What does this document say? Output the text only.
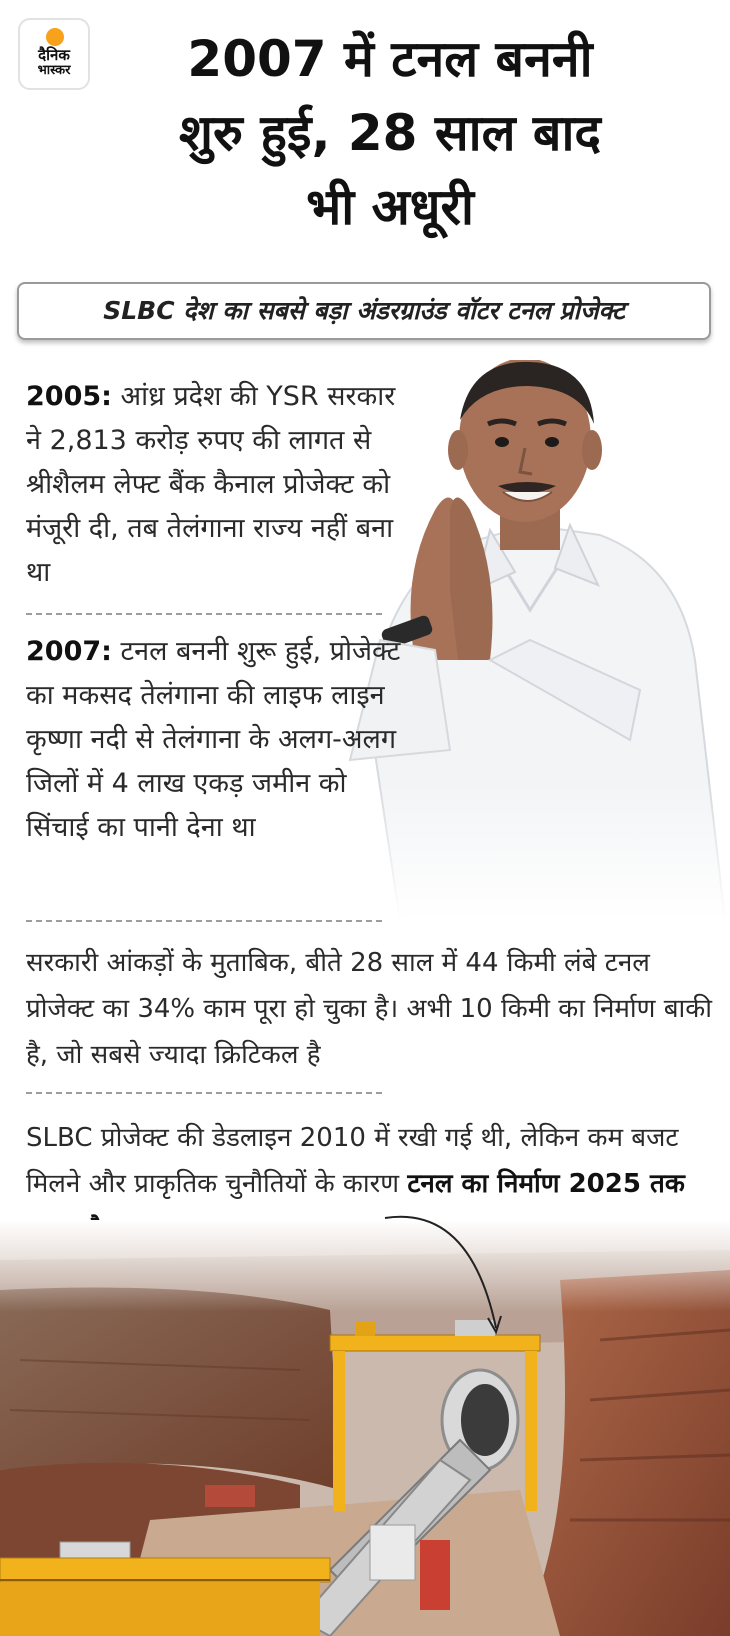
दैनिक
भास्कर	2007 में टनल बननी
शुरु हुई, 28 साल बाद
भी अधूरी
SLBC देश का सबसे बड़ा अंडरग्राउंड वॉटर टनल प्रोजेक्ट

2005: आंध्र प्रदेश की YSR सरकार ने 2,813 करोड़ रुपए की लागत से श्रीशैलम लेफ्ट बैंक कैनाल प्रोजेक्ट को मंजूरी दी, तब तेलंगाना राज्य नहीं बना था

2007: टनल बननी शुरू हुई, प्रोजेक्ट का मकसद तेलंगाना की लाइफ लाइन कृष्णा नदी से तेलंगाना के अलग-अलग जिलों में 4 लाख एकड़ जमीन को सिंचाई का पानी देना था

सरकारी आंकड़ों के मुताबिक, बीते 28 साल में 44 किमी लंबे टनल प्रोजेक्ट का 34% काम पूरा हो चुका है। अभी 10 किमी का निर्माण बाकी है, जो सबसे ज्यादा क्रिटिकल है

SLBC प्रोजेक्ट की डेडलाइन 2010 में रखी गई थी, लेकिन कम बजट मिलने और प्राकृतिक चुनौतियों के कारण टनल का निर्माण 2025 तक
